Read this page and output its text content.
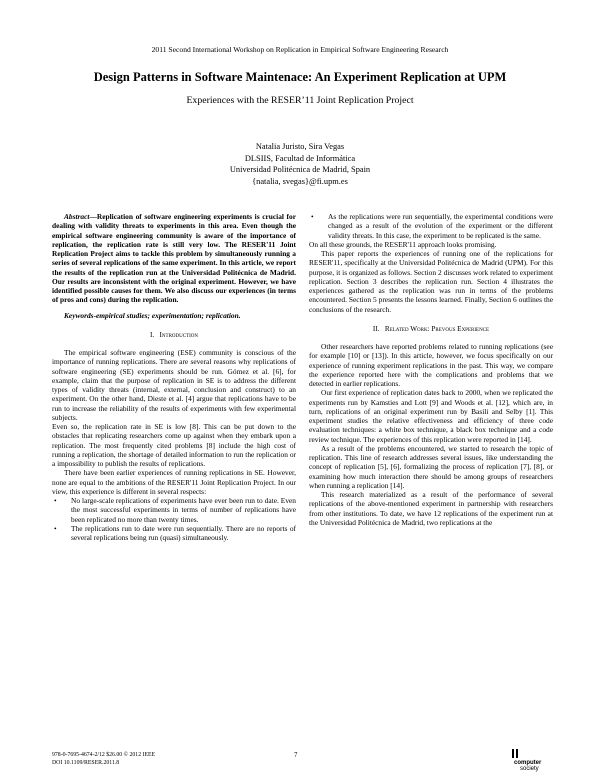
2011 Second International Workshop on Replication in Empirical Software Engineering Research
Design Patterns in Software Maintenace: An Experiment Replication at UPM
Experiences with the RESER’11 Joint Replication Project
Natalia Juristo, Sira Vegas
DLSIIS, Facultad de Informática
Universidad Politécnica de Madrid, Spain
{natalia, svegas}@fi.upm.es

Abstract—Replication of software engineering experiments is crucial for dealing with validity threats to experiments in this area. Even though the empirical software engineering community is aware of the importance of replication, the replication rate is still very low. The RESER'11 Joint Replication Project aims to tackle this problem by simultaneously running a series of several replications of the same experiment. In this article, we report the results of the replication run at the Universidad Politécnica de Madrid. Our results are inconsistent with the original experiment. However, we have identified possible causes for them. We also discuss our experiences (in terms of pros and cons) during the replication.

Keywords-empirical studies; experimentation; replication.

I. Introduction

The empirical software engineering (ESE) community is conscious of the importance of running replications. There are several reasons why replications of software engineering (SE) experiments should be run. Gómez et al. [6], for example, claim that the purpose of replication in SE is to address the different types of validity threats (internal, external, conclusion and construct) to an experiment. On the other hand, Dieste et al. [4] argue that replications have to be run to increase the reliability of the results of experiments with few experimental subjects.

Even so, the replication rate in SE is low [8]. This can be put down to the obstacles that replicating researchers come up against when they embark upon a replication. The most frequently cited problems [8] include the high cost of running a replication, the shortage of detailed information to run the replication or a impossibility to publish the results of replications.

There have been earlier experiences of running replications in SE. However, none are equal to the ambitions of the RESER'11 Joint Replication Project. In our view, this experience is different in several respects:

• No large-scale replications of experiments have ever been run to date. Even the most successful experiments in terms of number of replications have been replicated no more than twenty times.
• The replications run to date were run sequentially. There are no reports of several replications being run (quasi) simultaneously.
• As the replications were run sequentially, the experimental conditions were changed as a result of the evolution of the experiment or the different validity threats. In this case, the experiment to be replicated is the same.

On all these grounds, the RESER'11 approach looks promising.

This paper reports the experiences of running one of the replications for RESER'11, specifically at the Universidad Politécnica de Madrid (UPM). For this purpose, it is organized as follows. Section 2 discusses work related to experiment replication. Section 3 describes the replication run. Section 4 illustrates the experiences gathered as the replication was run in terms of the problems encountered. Section 5 presents the lessons learned. Finally, Section 6 outlines the conclusions of the research.

II. Related Work: Prevous Experience

Other researchers have reported problems related to running replications (see for example [10] or [13]). In this article, however, we focus specifically on our experience of running experiment replications in the past. This way, we compare the experience reported here with the complications and problems that we detected in earlier replications.

Our first experience of replication dates back to 2000, when we replicated the experiments run by Kamsties and Lott [9] and Woods et al. [12], which are, in turn, replications of an original experiment run by Basili and Selby [1]. This experiment studies the relative effectiveness and efficiency of three code evaluation techniques: a white box technique, a black box technique and a code review technique. The experiences of this replication were reported in [14].

As a result of the problems encountered, we started to research the topic of replication. This line of research addresses several issues, like understanding the concept of replication [5], [6], formalizing the process of replication [7], [8], or examining how much interaction there should be among groups of researchers when running a replication [14].

This research materialized as a result of the performance of several replications of the above-mentioned experiment in partnership with researchers from other institutions. To date, we have 12 replications of the experiment run at the Universidad Politécnica de Madrid, two replications at the

978-0-7695-4674-2/12 $26.00 © 2012 IEEE
DOI 10.1109/RESER.2011.8
7
computer
society
